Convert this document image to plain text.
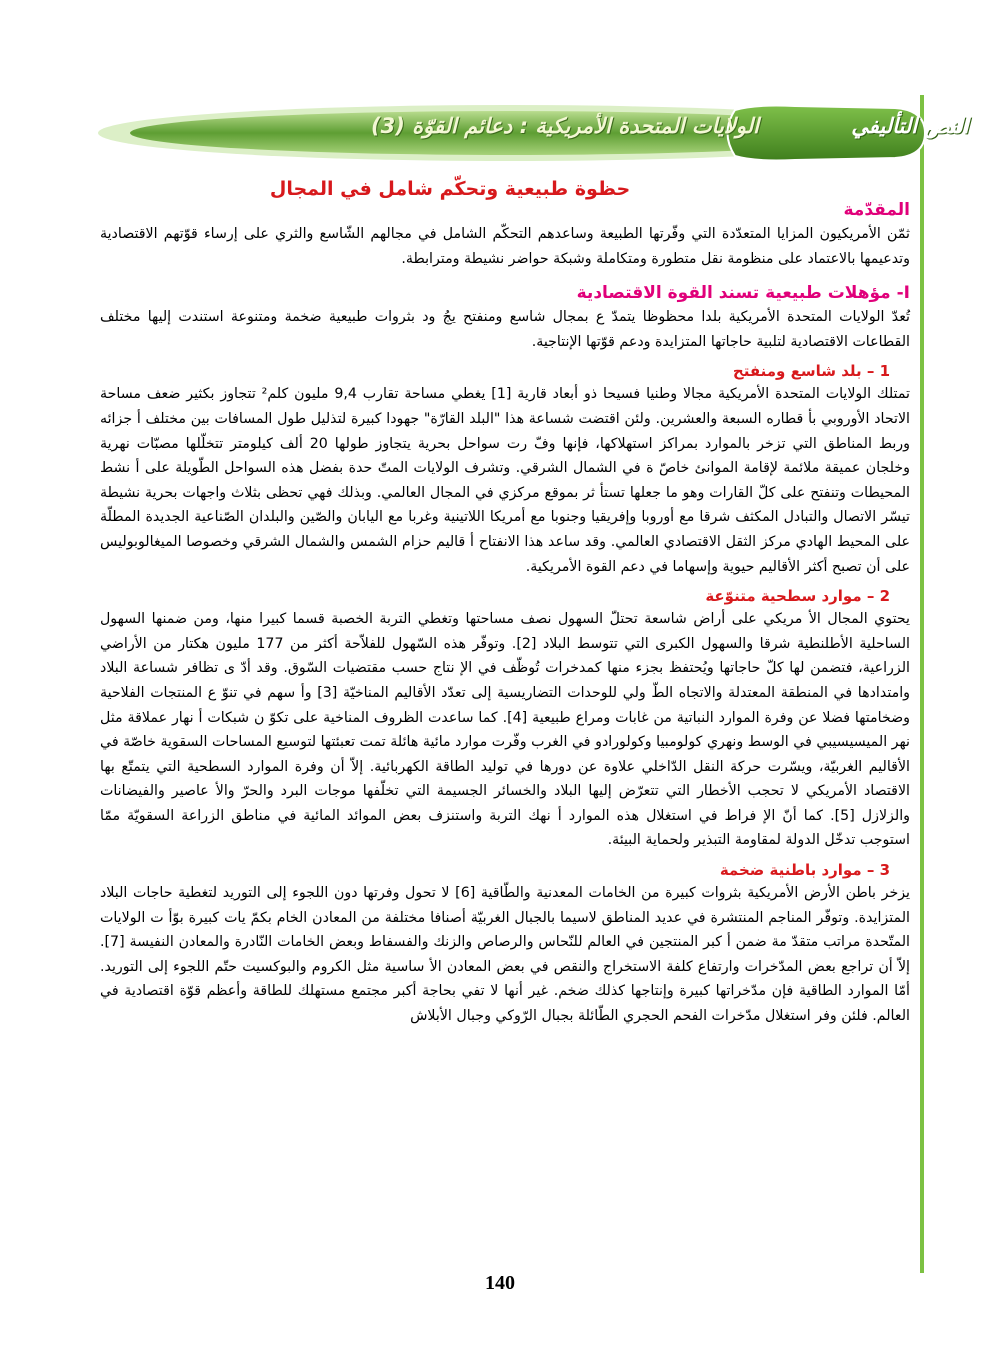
الولايات المتحدة الأمريكية : دعائم القوّة (3)	النص التأليفي
حظوة طبيعية وتحكّم شامل في المجال
المقدّمة

ثمّن الأمريكيون المزايا المتعدّدة التي وفّرتها الطبيعة وساعدهم التحكّم الشامل في مجالهم الشّاسع والثري على إرساء قوّتهم الاقتصادية وتدعيمها بالاعتماد على منظومة نقل متطورة ومتكاملة وشبكة حواضر نشيطة ومترابطة.

I- مؤهلات طبيعية تسند القوة الاقتصادية

تُعدّ الولايات المتحدة الأمريكية بلدا محظوظا يتمدّ ع بمجال شاسع ومنفتح يجُ ود بثروات طبيعية ضخمة ومتنوعة استندت إليها مختلف القطاعات الاقتصادية لتلبية حاجاتها المتزايدة ودعم قوّتها الإنتاجية.

1 – بلد شاسع ومنفتح

تمتلك الولايات المتحدة الأمريكية مجالا وطنيا فسيحا ذو أبعاد قارية [1] يغطي مساحة تقارب 9,4 مليون كلم² تتجاوز بكثير ضعف مساحة الاتحاد الأوروبي بأ قطاره السبعة والعشرين. ولئن اقتضت شساعة هذا "البلد القارّة" جهودا كبيرة لتذليل طول المسافات بين مختلف أ جزائه وربط المناطق التي تزخر بالموارد بمراكز استهلاكها، فإنها وفّ رت سواحل بحرية يتجاوز طولها 20 ألف كيلومتر تتخلّلها مصبّات نهرية وخلجان عميقة ملائمة لإقامة الموانئ خاصّ ة في الشمال الشرقي. وتشرف الولايات المتّ حدة بفضل هذه السواحل الطّويلة على أ نشط المحيطات وتنفتح على كلّ القارات وهو ما جعلها تستأ ثر بموقع مركزي في المجال العالمي. وبذلك فهي تحظى بثلاث واجهات بحرية نشيطة تيسّر الاتصال والتبادل المكثف شرقا مع أوروبا وإفريقيا وجنوبا مع أمريكا اللاتينية وغربا مع اليابان والصّين والبلدان الصّناعية الجديدة المطلّة على المحيط الهادي مركز الثقل الاقتصادي العالمي. وقد ساعد هذا الانفتاح أ قاليم حزام الشمس والشمال الشرقي وخصوصا الميغالوبوليس على أن تصبح أكثر الأقاليم حيوية وإسهاما في دعم القوة الأمريكية.

2 – موارد سطحية متنوّعة

يحتوي المجال الأ مريكي على أراض شاسعة تحتلّ السهول نصف مساحتها وتغطي التربة الخصبة قسما كبيرا منها، ومن ضمنها السهول الساحلية الأطلنطية شرقا والسهول الكبرى التي تتوسط البلاد [2]. وتوفّر هذه السّهول للفلاّحة أكثر من 177 مليون هكتار من الأراضي الزراعية، فتضمن لها كلّ حاجاتها ويُحتفظ بجزء منها كمدخرات تُوظّف في الإ نتاج حسب مقتضيات السّوق. وقد أدّ ى تظافر شساعة البلاد وامتدادها في المنطقة المعتدلة والاتجاه الطّ ولي للوحدات التضاريسية إلى تعدّد الأقاليم المناخيّة [3] وأ سهم في تنوّ ع المنتجات الفلاحية وضخامتها فضلا عن وفرة الموارد النباتية من غابات ومراع طبيعية [4]. كما ساعدت الظروف المناخية على تكوّ ن شبكات أ نهار عملاقة مثل نهر الميسيسيبي في الوسط ونهري كولومبيا وكولورادو في الغرب وفّرت موارد مائية هائلة تمت تعبئتها لتوسيع المساحات السقوية خاصّة في الأقاليم الغربيّة، ويسّرت حركة النقل الدّاخلي علاوة عن دورها في توليد الطاقة الكهربائية. إلاّ أن وفرة الموارد السطحية التي يتمتّع بها الاقتصاد الأمريكي لا تحجب الأخطار التي تتعرّض إليها البلاد والخسائر الجسيمة التي تخلّفها موجات البرد والحرّ والأ عاصير والفيضانات والزلازل [5]. كما أنّ الإ فراط في استغلال هذه الموارد أ نهك التربة واستنزف بعض الموائد المائية في مناطق الزراعة السقويّة ممّا استوجب تدخّل الدولة لمقاومة التبذير ولحماية البيئة.

3 – موارد باطنية ضخمة

يزخر باطن الأرض الأمريكية بثروات كبيرة من الخامات المعدنية والطّاقية [6] لا تحول وفرتها دون اللجوء إلى التوريد لتغطية حاجات البلاد المتزايدة. وتوفّر المناجم المنتشرة في عديد المناطق لاسيما بالجبال الغربيّة أصنافا مختلفة من المعادن الخام بكمّ يات كبيرة بوّأ ت الولايات المتّحدة مراتب متقدّ مة ضمن أ كبر المنتجين في العالم للنّحاس والرصاص والزنك والفسفاط وبعض الخامات النّادرة والمعادن النفيسة [7]. إلاّ أن تراجع بعض المدّخرات وارتفاع كلفة الاستخراج والنقص في بعض المعادن الأ ساسية مثل الكروم والبوكسيت حتّم اللجوء إلى التوريد. أمّا الموارد الطاقية فإن مدّخراتها كبيرة وإنتاجها كذلك ضخم. غير أنها لا تفي بحاجة أكبر مجتمع مستهلك للطاقة وأعظم قوّة اقتصادية في العالم. فلئن وفر استغلال مدّخرات الفحم الحجري الطّائلة بجبال الرّوكي وجبال الأبلاش

140
